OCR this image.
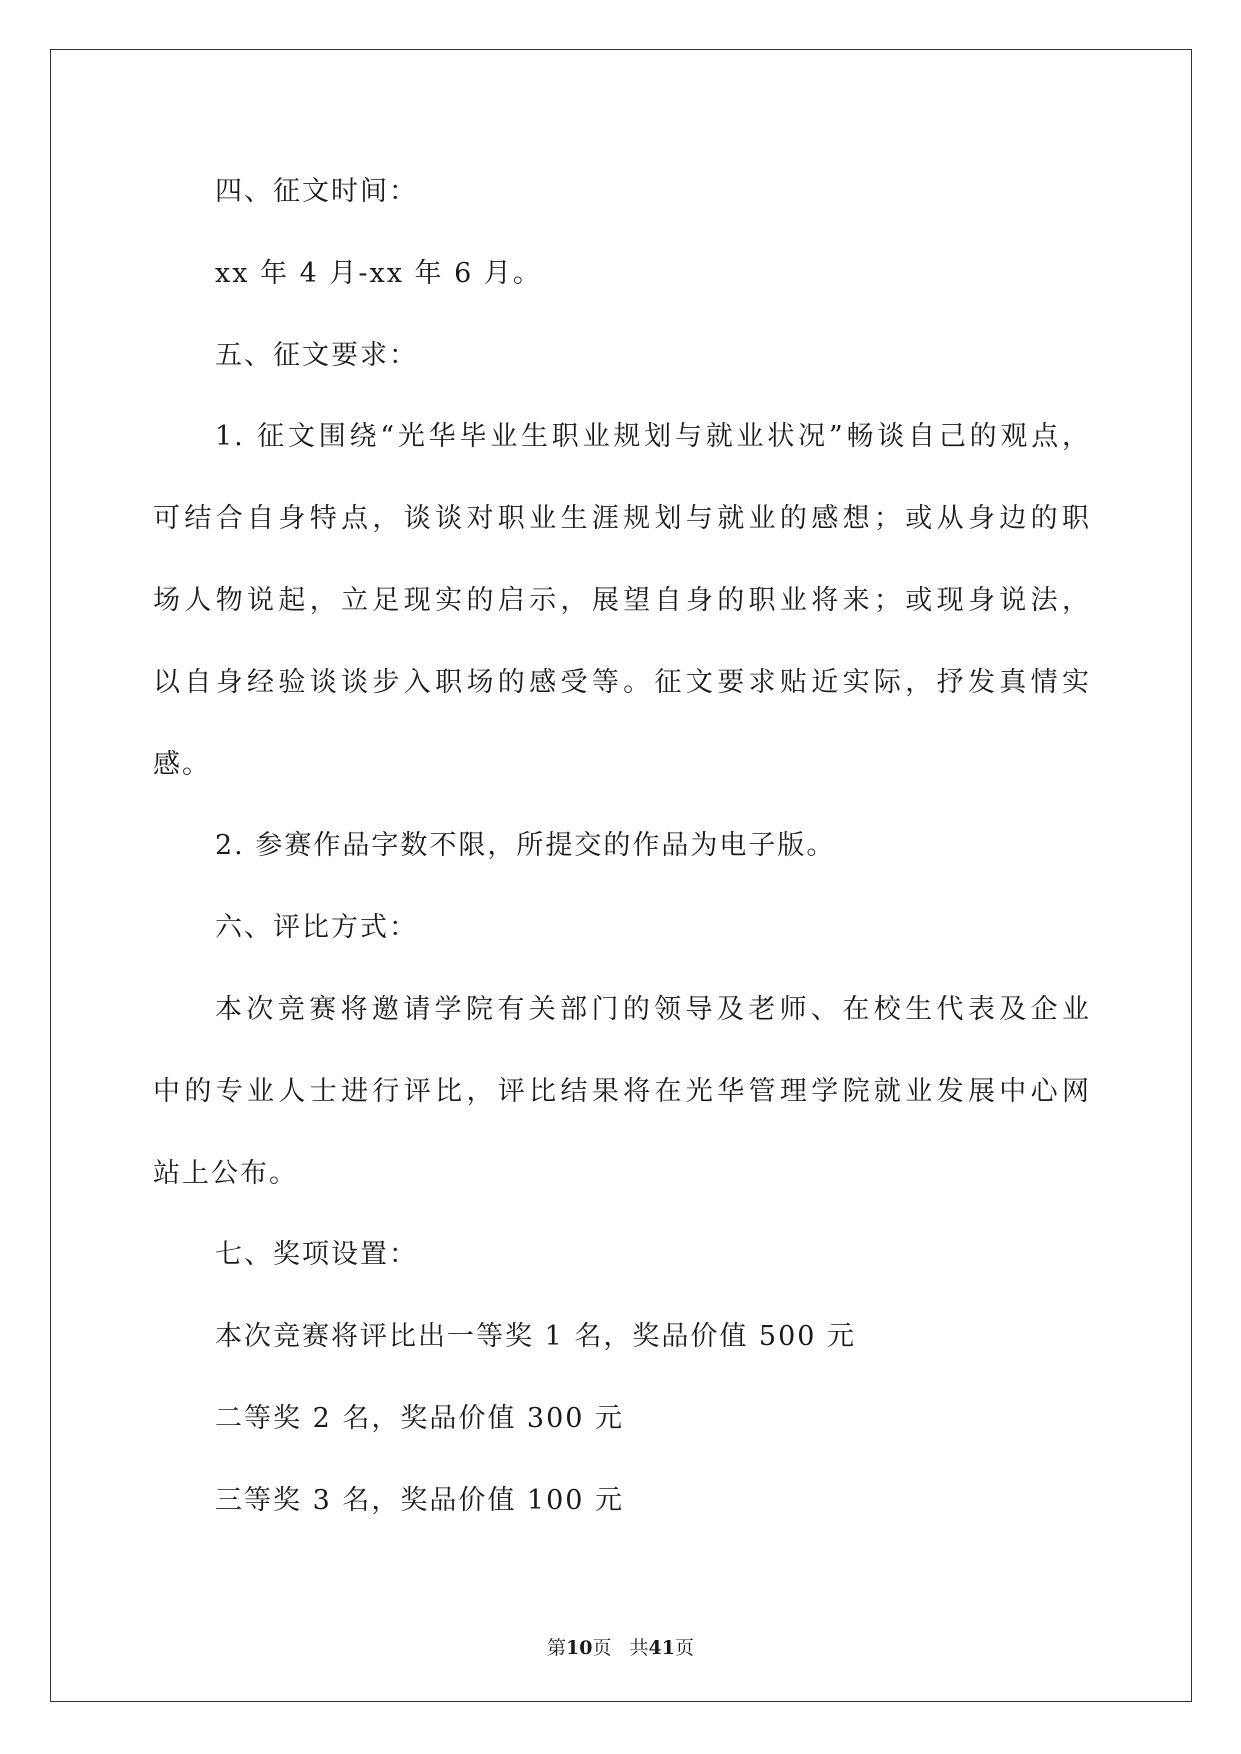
四、征文时间：
xx 年 4 月-xx 年 6 月。
五、征文要求：
1. 征文围绕“光华毕业生职业规划与就业状况”畅谈自己的观点，
可结合自身特点，谈谈对职业生涯规划与就业的感想；或从身边的职
场人物说起，立足现实的启示，展望自身的职业将来；或现身说法，
以自身经验谈谈步入职场的感受等。征文要求贴近实际，抒发真情实
感。
2. 参赛作品字数不限，所提交的作品为电子版。
六、评比方式：
本次竞赛将邀请学院有关部门的领导及老师、在校生代表及企业
中的专业人士进行评比，评比结果将在光华管理学院就业发展中心网
站上公布。
七、奖项设置：
本次竞赛将评比出一等奖 1 名，奖品价值 500 元
二等奖 2 名，奖品价值 300 元
三等奖 3 名，奖品价值 100 元
第10页 共41页
